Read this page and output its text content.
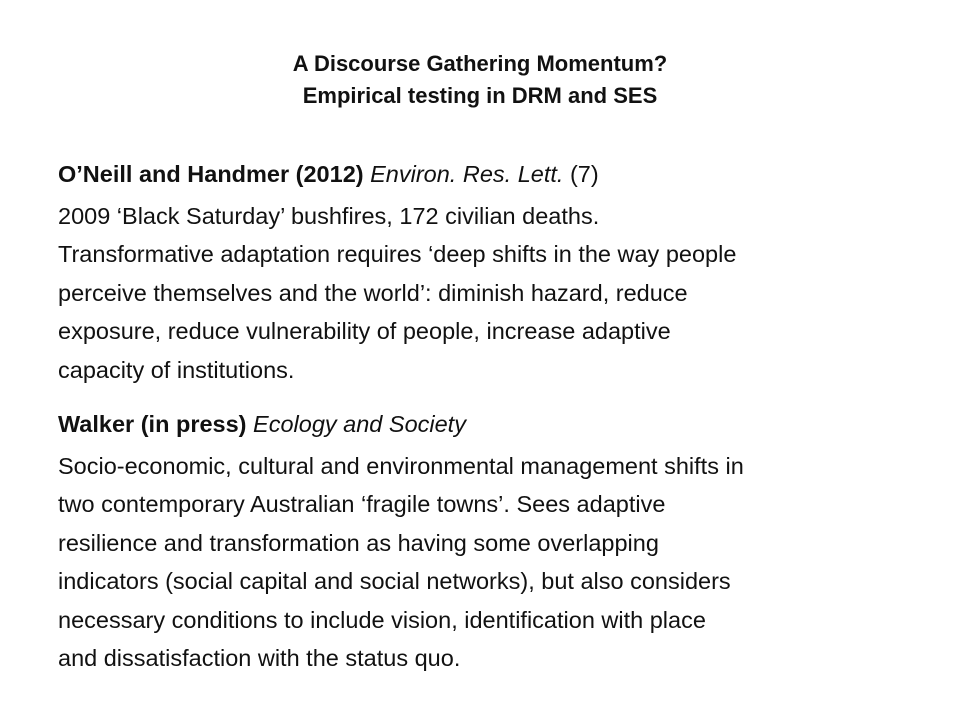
A Discourse Gathering Momentum?
Empirical testing in DRM and SES

O’Neill and Handmer (2012) Environ. Res. Lett. (7)

2009 ‘Black Saturday’ bushfires, 172 civilian deaths.
Transformative adaptation requires ‘deep shifts in the way people
perceive themselves and the world’: diminish hazard, reduce
exposure, reduce vulnerability of people, increase adaptive
capacity of institutions.

Walker (in press) Ecology and Society

Socio-economic, cultural and environmental management shifts in
two contemporary Australian ‘fragile towns’. Sees adaptive
resilience and transformation as having some overlapping
indicators (social capital and social networks), but also considers
necessary conditions to include vision, identification with place
and dissatisfaction with the status quo.
